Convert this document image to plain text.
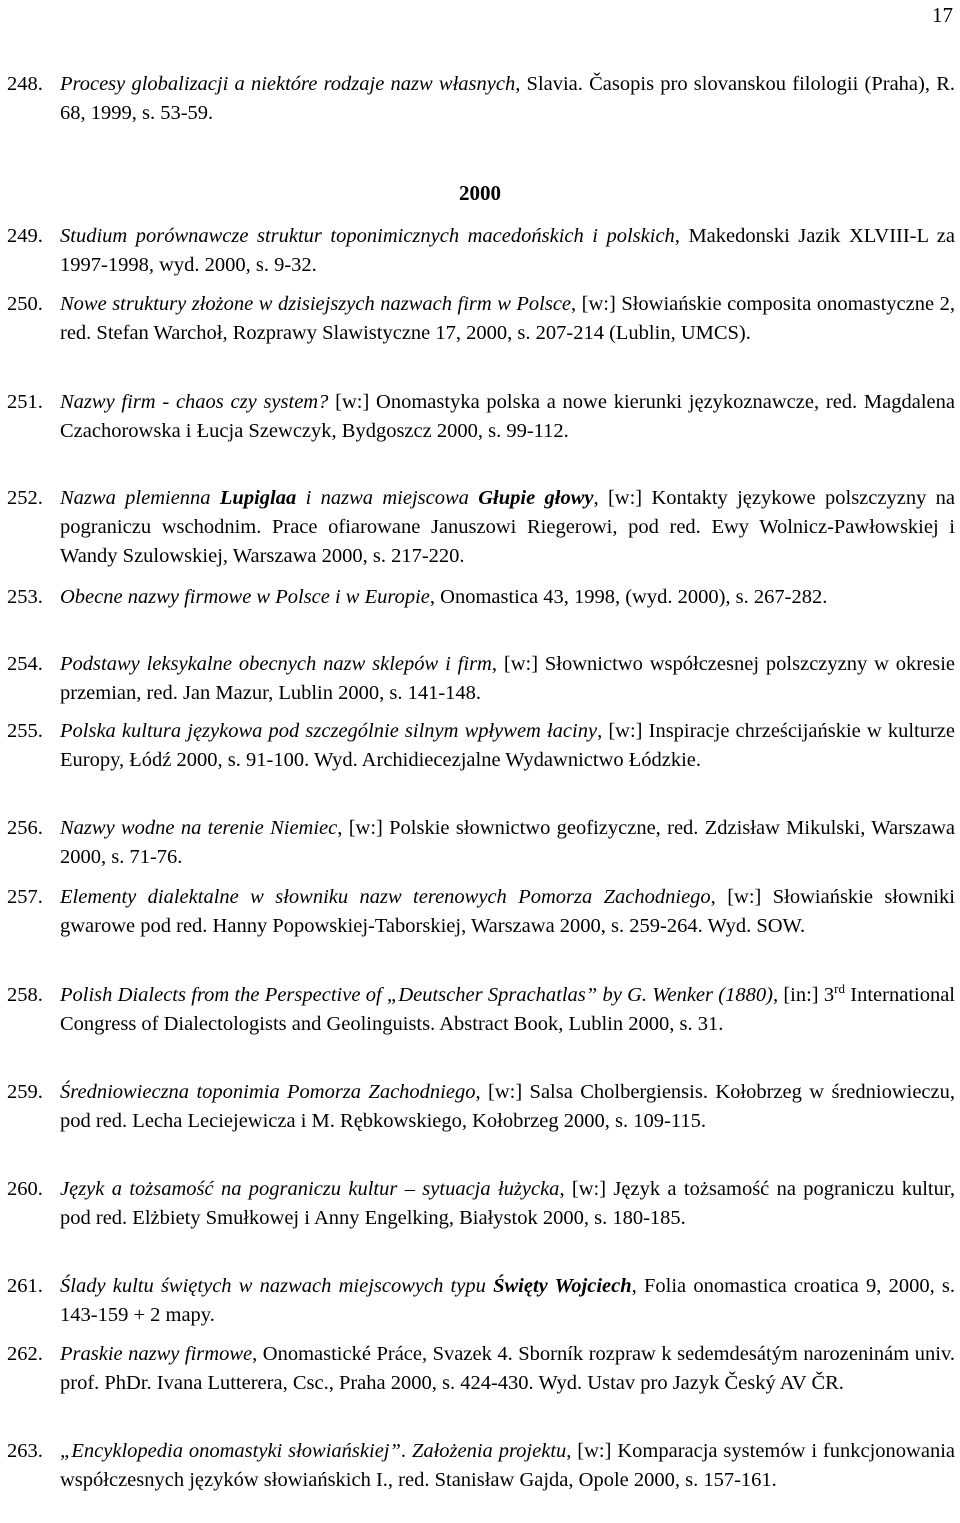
17
248. Procesy globalizacji a niektóre rodzaje nazw własnych, Slavia. Časopis pro slovanskou filologii (Praha), R. 68, 1999, s. 53-59.
2000
249. Studium porównawcze struktur toponimicznych macedońskich i polskich, Makedonski Jazik XLVIII-L za 1997-1998, wyd. 2000, s. 9-32.
250. Nowe struktury złożone w dzisiejszych nazwach firm w Polsce, [w:] Słowiańskie composita onomastyczne 2, red. Stefan Warchoł, Rozprawy Slawistyczne 17, 2000, s. 207-214 (Lublin, UMCS).
251. Nazwy firm - chaos czy system? [w:] Onomastyka polska a nowe kierunki językoznawcze, red. Magdalena Czachorowska i Łucja Szewczyk, Bydgoszcz 2000, s. 99-112.
252. Nazwa plemienna Lupiglaa i nazwa miejscowa Głupie głowy, [w:] Kontakty językowe polszczyzny na pograniczu wschodnim. Prace ofiarowane Januszowi Riegerowi, pod red. Ewy Wolnicz-Pawłowskiej i Wandy Szulowskiej, Warszawa 2000, s. 217-220.
253. Obecne nazwy firmowe w Polsce i w Europie, Onomastica 43, 1998, (wyd. 2000), s. 267-282.
254. Podstawy leksykalne obecnych nazw sklepów i firm, [w:] Słownictwo współczesnej polszczyzny w okresie przemian, red. Jan Mazur, Lublin 2000, s. 141-148.
255. Polska kultura językowa pod szczególnie silnym wpływem łaciny, [w:] Inspiracje chrześcijańskie w kulturze Europy, Łódź 2000, s. 91-100. Wyd. Archidiecezjalne Wydawnictwo Łódzkie.
256. Nazwy wodne na terenie Niemiec, [w:] Polskie słownictwo geofizyczne, red. Zdzisław Mikulski, Warszawa 2000, s. 71-76.
257. Elementy dialektalne w słowniku nazw terenowych Pomorza Zachodniego, [w:] Słowiańskie słowniki gwarowe pod red. Hanny Popowskiej-Taborskiej, Warszawa 2000, s. 259-264. Wyd. SOW.
258. Polish Dialects from the Perspective of „Deutscher Sprachatlas” by G. Wenker (1880), [in:] 3rd International Congress of Dialectologists and Geolinguists. Abstract Book, Lublin 2000, s. 31.
259. Średniowieczna toponimia Pomorza Zachodniego, [w:] Salsa Cholbergiensis. Kołobrzeg w średniowieczu, pod red. Lecha Leciejewicza i M. Rębkowskiego, Kołobrzeg 2000, s. 109-115.
260. Język a tożsamość na pograniczu kultur – sytuacja łużycka, [w:] Język a tożsamość na pograniczu kultur, pod red. Elżbiety Smułkowej i Anny Engelking, Białystok 2000, s. 180-185.
261. Ślady kultu świętych w nazwach miejscowych typu Święty Wojciech, Folia onomastica croatica 9, 2000, s. 143-159 + 2 mapy.
262. Praskie nazwy firmowe, Onomastické Práce, Svazek 4. Sborník rozpraw k sedemdesátým narozeninám univ. prof. PhDr. Ivana Lutterera, Csc., Praha 2000, s. 424-430. Wyd. Ustav pro Jazyk Český AV ČR.
263. „Encyklopedia onomastyki słowiańskiej”. Założenia projektu, [w:] Komparacja systemów i funkcjonowania współczesnych języków słowiańskich I., red. Stanisław Gajda, Opole 2000, s. 157-161.
